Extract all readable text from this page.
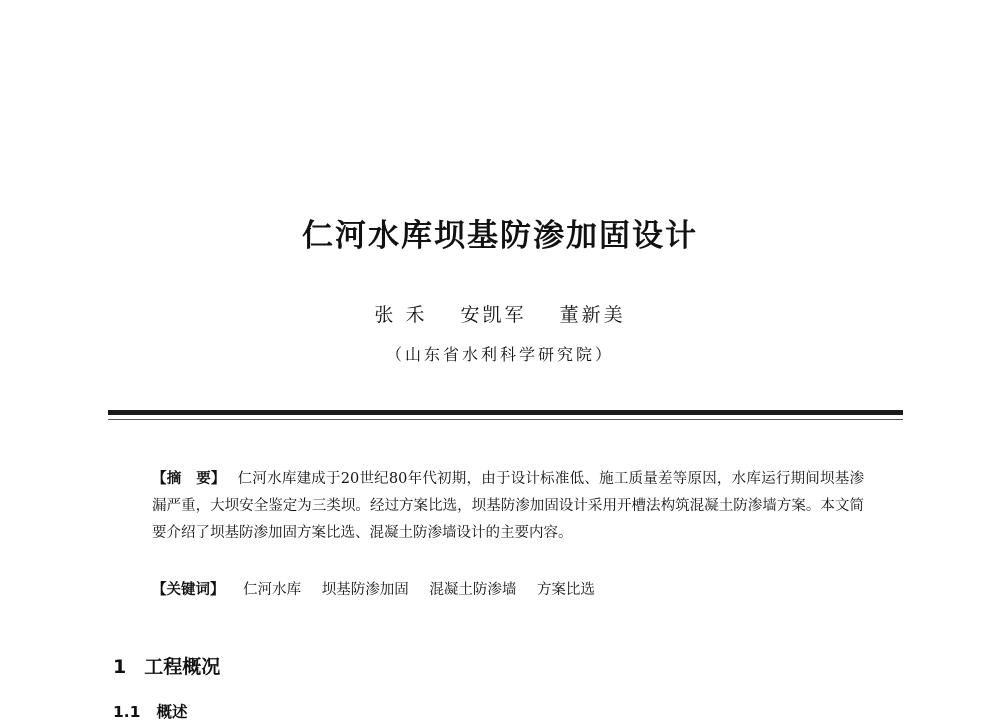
仁河水库坝基防渗加固设计
张 禾 安凯军 董新美
（山东省水利科学研究院）
【摘　要】 仁河水库建成于20世纪80年代初期，由于设计标准低、施工质量差等原因，水库运行期间坝基渗漏严重，大坝安全鉴定为三类坝。经过方案比选，坝基防渗加固设计采用开槽法构筑混凝土防渗墙方案。本文简要介绍了坝基防渗加固方案比选、混凝土防渗墙设计的主要内容。
【关键词】 仁河水库 坝基防渗加固 混凝土防渗墙 方案比选
1 工程概况
1.1 概述
